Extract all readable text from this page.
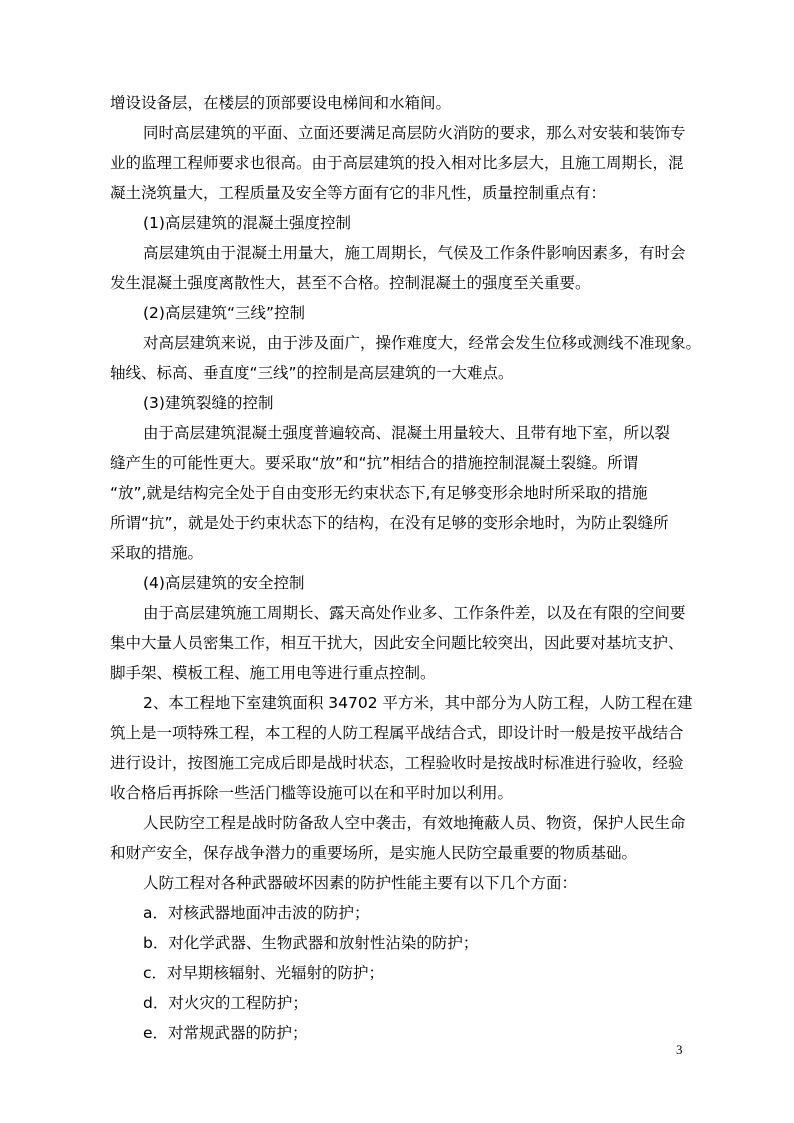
增设设备层，在楼层的顶部要设电梯间和水箱间。
同时高层建筑的平面、立面还要满足高层防火消防的要求，那么对安装和装饰专
业的监理工程师要求也很高。由于高层建筑的投入相对比多层大，且施工周期长，混
凝土浇筑量大，工程质量及安全等方面有它的非凡性，质量控制重点有：
(1)高层建筑的混凝土强度控制
高层建筑由于混凝土用量大，施工周期长，气侯及工作条件影响因素多，有时会
发生混凝土强度离散性大，甚至不合格。控制混凝土的强度至关重要。
(2)高层建筑“三线”控制
对高层建筑来说，由于涉及面广，操作难度大，经常会发生位移或测线不准现象。
轴线、标高、垂直度“三线”的控制是高层建筑的一大难点。
(3)建筑裂缝的控制
由于高层建筑混凝土强度普遍较高、混凝土用量较大、且带有地下室，所以裂
缝产生的可能性更大。要采取“放”和“抗”相结合的措施控制混凝土裂缝。所谓
“放”,就是结构完全处于自由变形无约束状态下,有足够变形余地时所采取的措施
所谓“抗”，就是处于约束状态下的结构，在没有足够的变形余地时，为防止裂缝所
采取的措施。
(4)高层建筑的安全控制
由于高层建筑施工周期长、露天高处作业多、工作条件差，以及在有限的空间要
集中大量人员密集工作，相互干扰大，因此安全问题比较突出，因此要对基坑支护、
脚手架、模板工程、施工用电等进行重点控制。
2、本工程地下室建筑面积 34702 平方米，其中部分为人防工程，人防工程在建
筑上是一项特殊工程，本工程的人防工程属平战结合式，即设计时一般是按平战结合
进行设计，按图施工完成后即是战时状态，工程验收时是按战时标准进行验收，经验
收合格后再拆除一些活门槛等设施可以在和平时加以利用。
人民防空工程是战时防备敌人空中袭击，有效地掩蔽人员、物资，保护人民生命
和财产安全，保存战争潜力的重要场所，是实施人民防空最重要的物质基础。
人防工程对各种武器破坏因素的防护性能主要有以下几个方面：
a．对核武器地面冲击波的防护；
b．对化学武器、生物武器和放射性沾染的防护；
c．对早期核辐射、光辐射的防护；
d．对火灾的工程防护；
e．对常规武器的防护；
3
